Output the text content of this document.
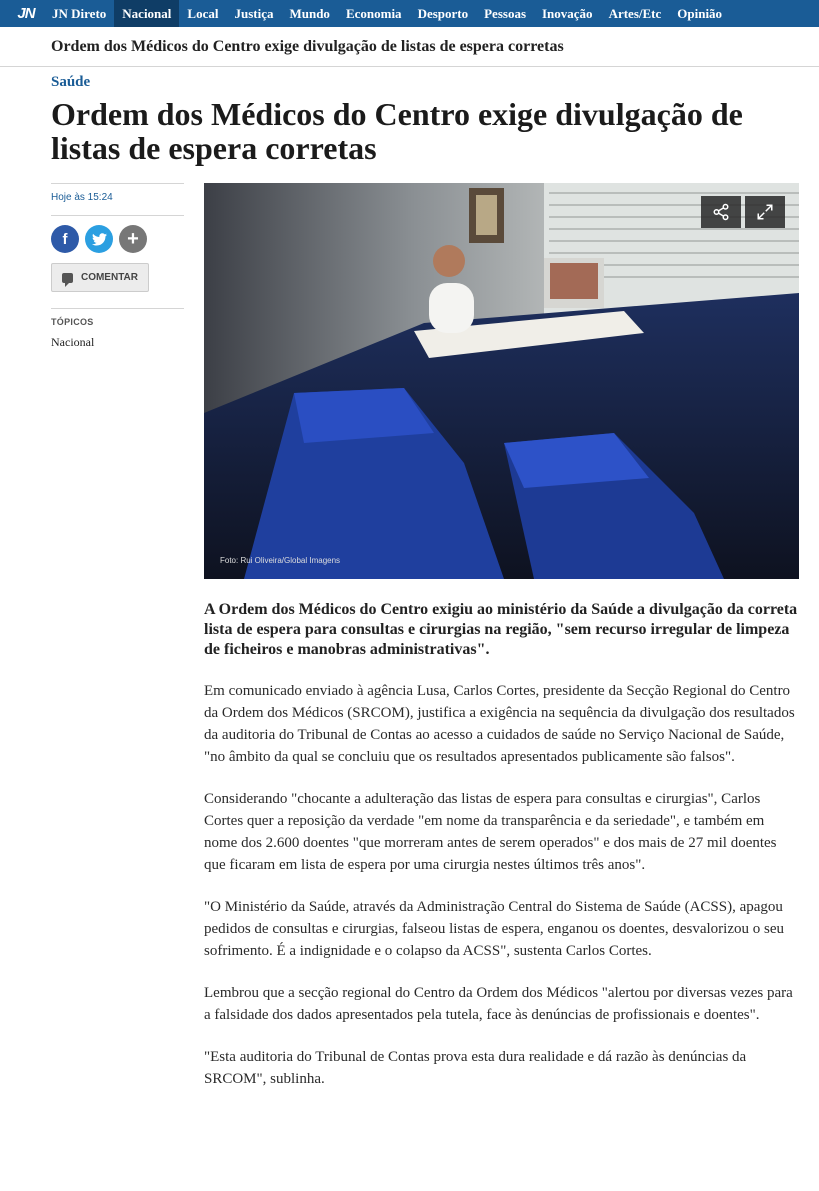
JN	JN Direto	Nacional	Local	Justiça	Mundo	Economia	Desporto	Pessoas	Inovação	Artes/Etc	Opinião
Ordem dos Médicos do Centro exige divulgação de listas de espera corretas
Saúde
Ordem dos Médicos do Centro exige divulgação de listas de espera corretas
Hoje às 15:24
f	+
COMENTAR
TÓPICOS
Nacional
Foto: Rui Oliveira/Global Imagens

A Ordem dos Médicos do Centro exigiu ao ministério da Saúde a divulgação da correta lista de espera para consultas e cirurgias na região, "sem recurso irregular de limpeza de ficheiros e manobras administrativas".

Em comunicado enviado à agência Lusa, Carlos Cortes, presidente da Secção Regional do Centro da Ordem dos Médicos (SRCOM), justifica a exigência na sequência da divulgação dos resultados da auditoria do Tribunal de Contas ao acesso a cuidados de saúde no Serviço Nacional de Saúde, "no âmbito da qual se concluiu que os resultados apresentados publicamente são falsos".

Considerando "chocante a adulteração das listas de espera para consultas e cirurgias", Carlos Cortes quer a reposição da verdade "em nome da transparência e da seriedade", e também em nome dos 2.600 doentes "que morreram antes de serem operados" e dos mais de 27 mil doentes que ficaram em lista de espera por uma cirurgia nestes últimos três anos".

"O Ministério da Saúde, através da Administração Central do Sistema de Saúde (ACSS), apagou pedidos de consultas e cirurgias, falseou listas de espera, enganou os doentes, desvalorizou o seu sofrimento. É a indignidade e o colapso da ACSS", sustenta Carlos Cortes.

Lembrou que a secção regional do Centro da Ordem dos Médicos "alertou por diversas vezes para a falsidade dos dados apresentados pela tutela, face às denúncias de profissionais e doentes".

"Esta auditoria do Tribunal de Contas prova esta dura realidade e dá razão às denúncias da SRCOM", sublinha.
